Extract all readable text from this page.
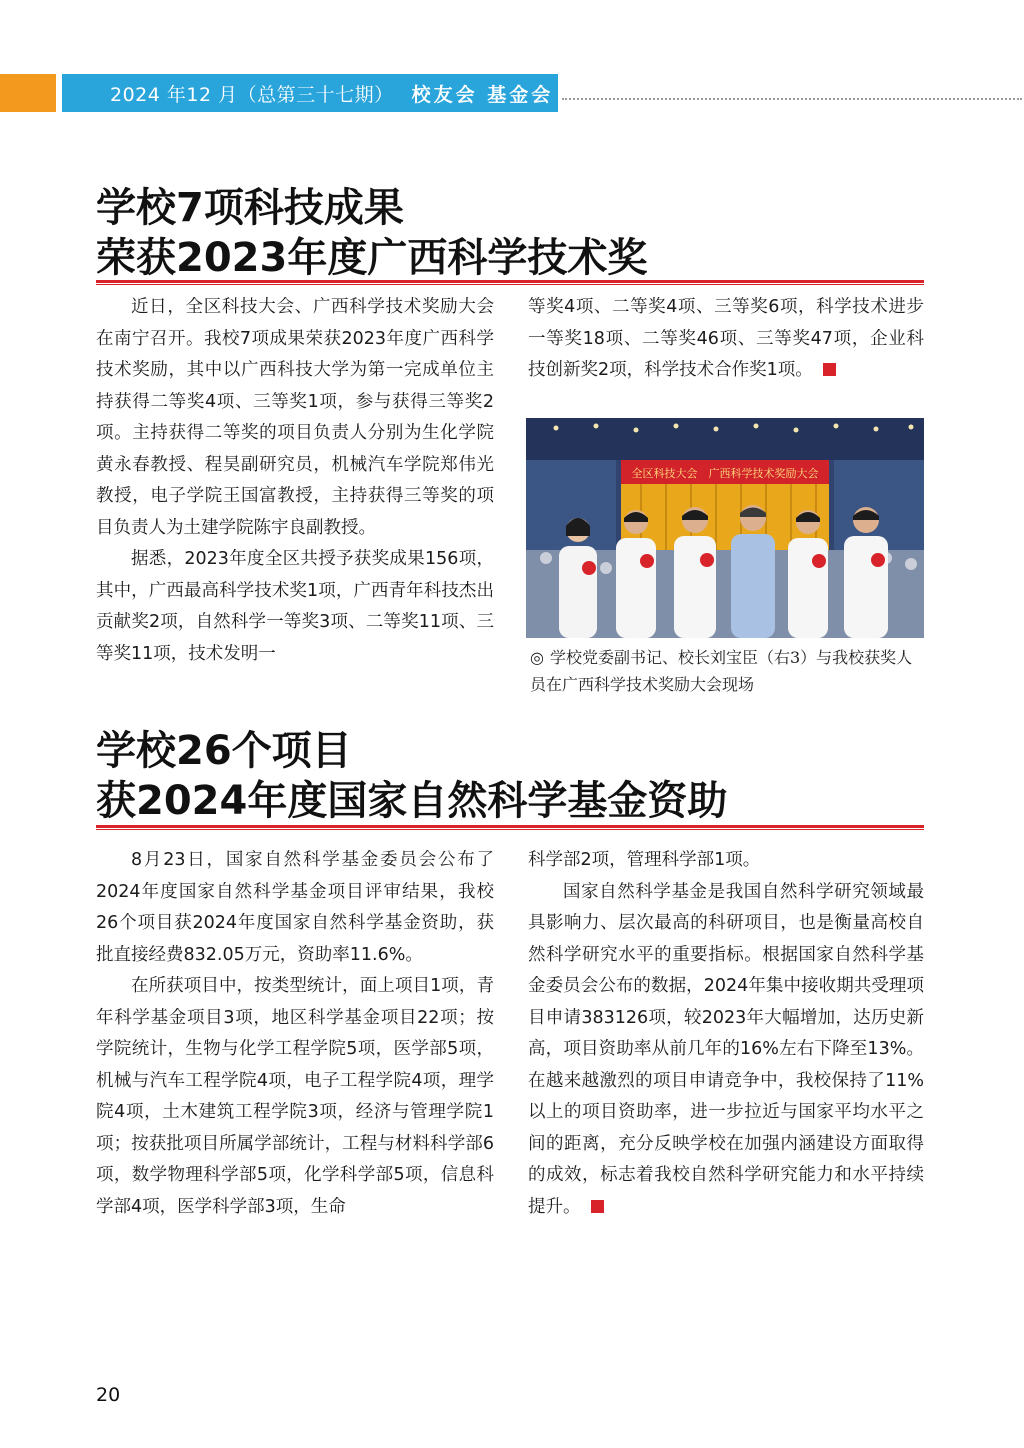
2024 年12 月（总第三十七期） 校友会 基金会
学校7项科技成果
荣获2023年度广西科学技术奖

近日，全区科技大会、广西科学技术奖励大会在南宁召开。我校7项成果荣获2023年度广西科学技术奖励，其中以广西科技大学为第一完成单位主持获得二等奖4项、三等奖1项，参与获得三等奖2项。主持获得二等奖的项目负责人分别为生化学院黄永春教授、程昊副研究员，机械汽车学院郑伟光教授，电子学院王国富教授，主持获得三等奖的项目负责人为土建学院陈宇良副教授。

据悉，2023年度全区共授予获奖成果156项，其中，广西最高科学技术奖1项，广西青年科技杰出贡献奖2项，自然科学一等奖3项、二等奖11项、三等奖11项，技术发明一

等奖4项、二等奖4项、三等奖6项，科学技术进步一等奖18项、二等奖46项、三等奖47项，企业科技创新奖2项，科学技术合作奖1项。

全区科技大会　广西科学技术奖励大会
◎ 学校党委副书记、校长刘宝臣（右3）与我校获奖人员在广西科学技术奖励大会现场
学校26个项目
获2024年度国家自然科学基金资助

8月23日，国家自然科学基金委员会公布了2024年度国家自然科学基金项目评审结果，我校26个项目获2024年度国家自然科学基金资助，获批直接经费832.05万元，资助率11.6%。

在所获项目中，按类型统计，面上项目1项，青年科学基金项目3项，地区科学基金项目22项；按学院统计，生物与化学工程学院5项，医学部5项，机械与汽车工程学院4项，电子工程学院4项，理学院4项，土木建筑工程学院3项，经济与管理学院1项；按获批项目所属学部统计，工程与材料科学部6项，数学物理科学部5项，化学科学部5项，信息科学部4项，医学科学部3项，生命

科学部2项，管理科学部1项。

国家自然科学基金是我国自然科学研究领域最具影响力、层次最高的科研项目，也是衡量高校自然科学研究水平的重要指标。根据国家自然科学基金委员会公布的数据，2024年集中接收期共受理项目申请383126项，较2023年大幅增加，达历史新高，项目资助率从前几年的16%左右下降至13%。在越来越激烈的项目申请竞争中，我校保持了11%以上的项目资助率，进一步拉近与国家平均水平之间的距离，充分反映学校在加强内涵建设方面取得的成效，标志着我校自然科学研究能力和水平持续提升。

20
